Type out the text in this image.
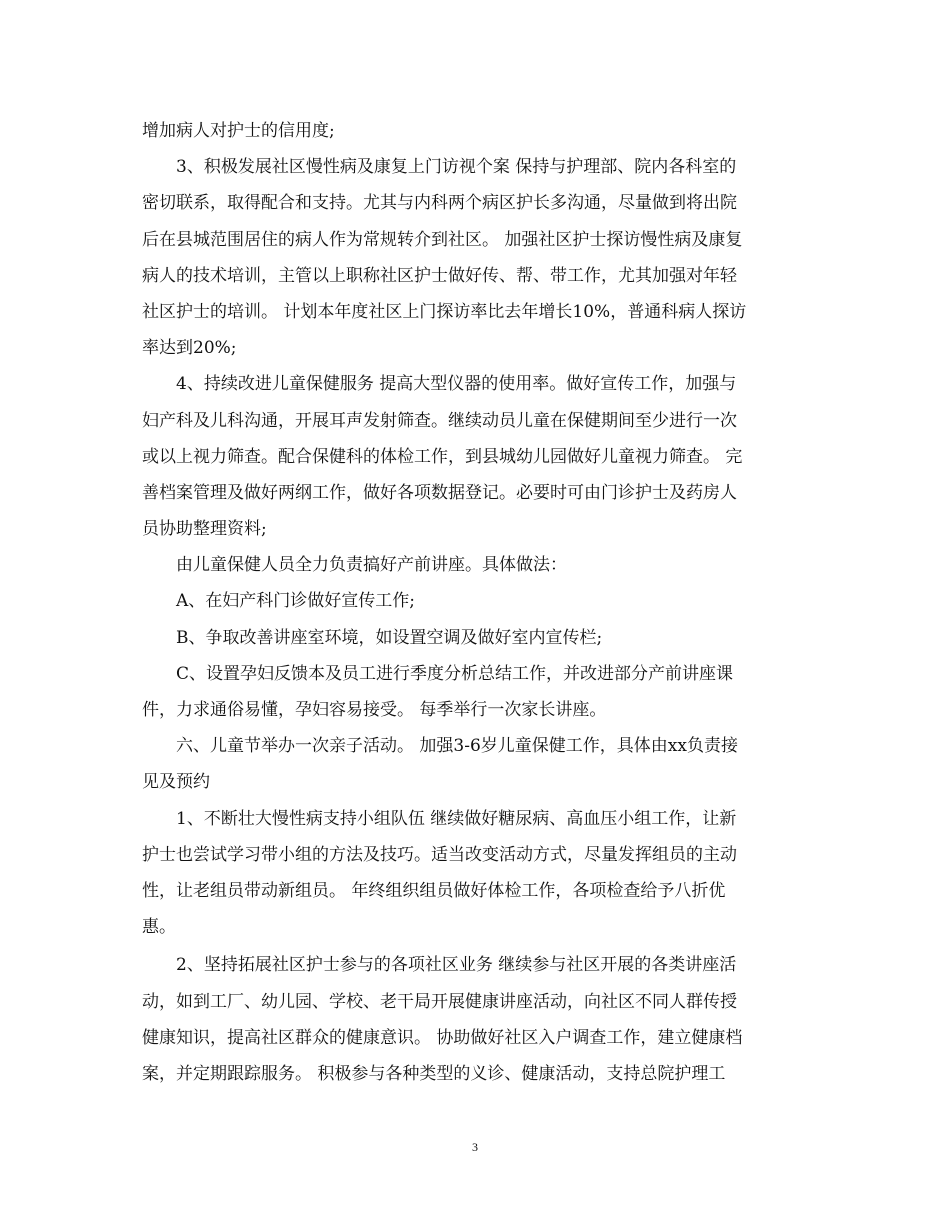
增加病人对护士的信用度;
3、积极发展社区慢性病及康复上门访视个案 保持与护理部、院内各科室的
密切联系，取得配合和支持。尤其与内科两个病区护长多沟通，尽量做到将出院
后在县城范围居住的病人作为常规转介到社区。 加强社区护士探访慢性病及康复
病人的技术培训，主管以上职称社区护士做好传、帮、带工作，尤其加强对年轻
社区护士的培训。 计划本年度社区上门探访率比去年增长10%，普通科病人探访
率达到20%;
4、持续改进儿童保健服务 提高大型仪器的使用率。做好宣传工作，加强与
妇产科及儿科沟通，开展耳声发射筛查。继续动员儿童在保健期间至少进行一次
或以上视力筛查。配合保健科的体检工作，到县城幼儿园做好儿童视力筛查。 完
善档案管理及做好两纲工作，做好各项数据登记。必要时可由门诊护士及药房人
员协助整理资料;
由儿童保健人员全力负责搞好产前讲座。具体做法：
A、在妇产科门诊做好宣传工作;
B、争取改善讲座室环境，如设置空调及做好室内宣传栏;
C、设置孕妇反馈本及员工进行季度分析总结工作，并改进部分产前讲座课
件，力求通俗易懂，孕妇容易接受。 每季举行一次家长讲座。
六、儿童节举办一次亲子活动。 加强3-6岁儿童保健工作，具体由xx负责接
见及预约
1、不断壮大慢性病支持小组队伍 继续做好糖尿病、高血压小组工作，让新
护士也尝试学习带小组的方法及技巧。适当改变活动方式，尽量发挥组员的主动
性，让老组员带动新组员。 年终组织组员做好体检工作，各项检查给予八折优
惠。
2、坚持拓展社区护士参与的各项社区业务 继续参与社区开展的各类讲座活
动，如到工厂、幼儿园、学校、老干局开展健康讲座活动，向社区不同人群传授
健康知识，提高社区群众的健康意识。 协助做好社区入户调查工作，建立健康档
案，并定期跟踪服务。 积极参与各种类型的义诊、健康活动，支持总院护理工
3
